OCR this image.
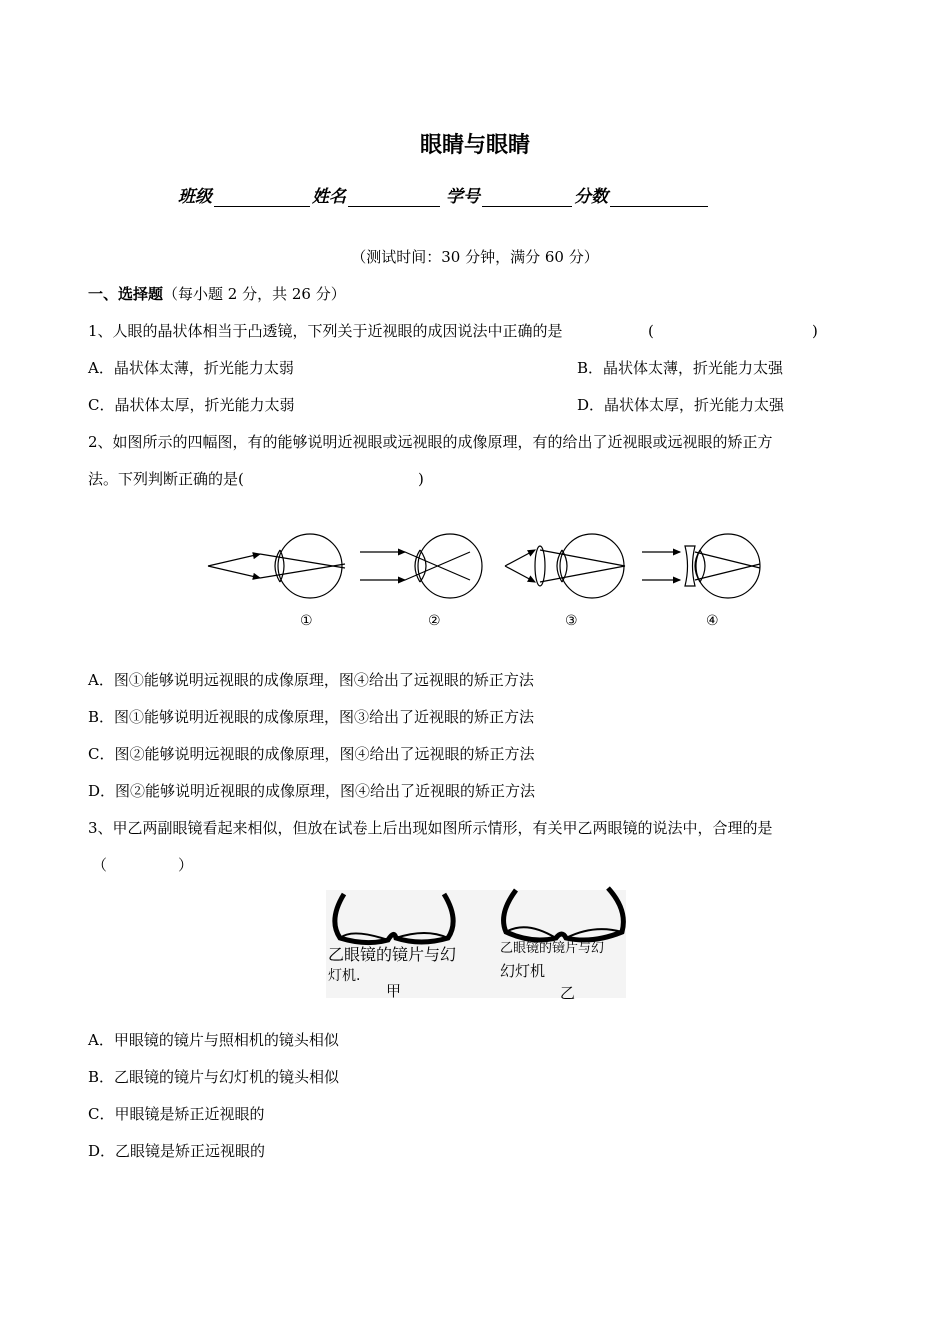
眼睛与眼睛
班级	姓名	学号	分数
（测试时间：30 分钟，满分 60 分）
一、选择题（每小题 2 分，共 26 分）
1、人眼的晶状体相当于凸透镜，下列关于近视眼的成因说法中正确的是	(	)
A．晶状体太薄，折光能力太弱	B．晶状体太薄，折光能力太强
C．晶状体太厚，折光能力太弱	D．晶状体太厚，折光能力太强
2、如图所示的四幅图，有的能够说明近视眼或远视眼的成像原理，有的给出了近视眼或远视眼的矫正方
法。下列判断正确的是(	)
①	②	③	④
A．图①能够说明远视眼的成像原理，图④给出了远视眼的矫正方法
B．图①能够说明近视眼的成像原理，图③给出了近视眼的矫正方法
C．图②能够说明远视眼的成像原理，图④给出了远视眼的矫正方法
D．图②能够说明近视眼的成像原理，图④给出了近视眼的矫正方法
3、甲乙两副眼镜看起来相似，但放在试卷上后出现如图所示情形，有关甲乙两眼镜的说法中，合理的是
（	）
乙眼镜的镜片与幻
灯机.
甲
乙眼镜的镜片与幻
幻灯机
乙
A．甲眼镜的镜片与照相机的镜头相似
B．乙眼镜的镜片与幻灯机的镜头相似
C．甲眼镜是矫正近视眼的
D．乙眼镜是矫正远视眼的
